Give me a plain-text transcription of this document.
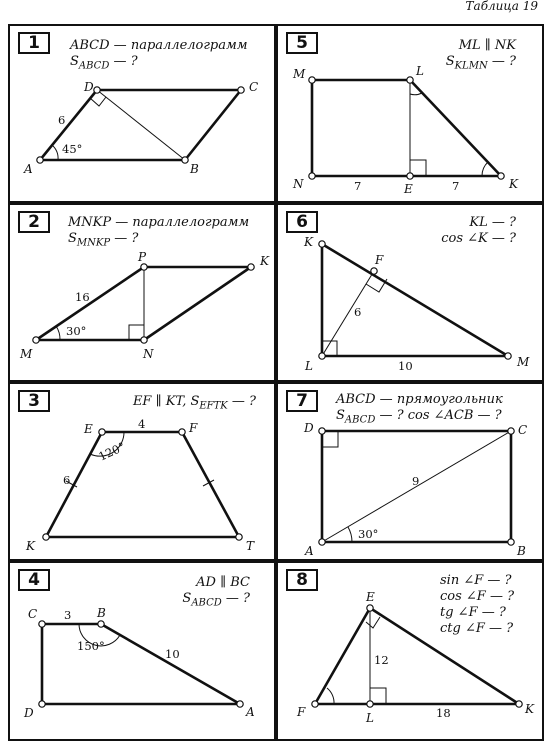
Таблица 19
1	ABCD — параллелограмм
$S_{ABCD}$ — ?
5	ML ∥ NK
$S_{KLMN}$ — ?
2	MNKP — параллелограмм
$S_{MNKP}$ — ?
6	KL — ?
cos ∠K — ?
3	EF ∥ KT, $S_{EFTK}$ — ?	7	ABCD — прямоугольник
$S_{ABCD}$ — ? cos ∠ACB — ?
4	AD ∥ BC
$S_{ABCD}$ — ?
8	sin ∠F — ?
cos ∠F — ?
tg ∠F — ?
ctg ∠F — ?
A	B
C
D
6
45°
M	L
N	E	K
7	7
M	N
K
P
16
30°
K
L	M
F
6
10
K
E	F
T
4
6
120°
A	B
C
D
9
30°
C	B
A
D
3
10
150°
F	K
E
L
12
18
